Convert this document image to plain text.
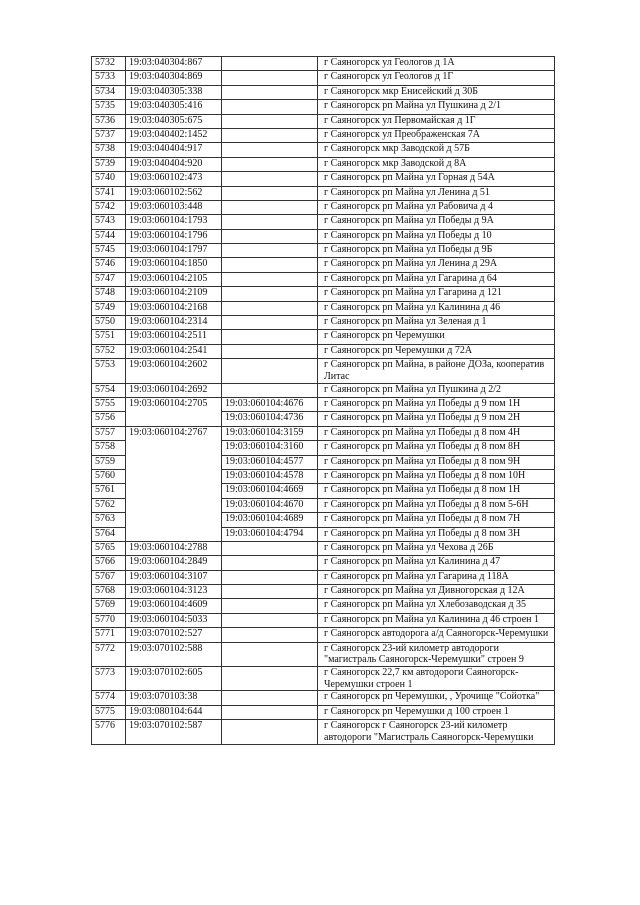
5732	19:03:040304:867		г Саяногорск ул Геологов д 1А
5733	19:03:040304:869		г Саяногорск ул Геологов д 1Г
5734	19:03:040305:338		г Саяногорск мкр Енисейский д 30Б
5735	19:03:040305:416		г Саяногорск рп Майна ул Пушкина д 2/1
5736	19:03:040305:675		г Саяногорск ул Первомайская д 1Г
5737	19:03:040402:1452		г Саяногорск ул Преображенская 7А
5738	19:03:040404:917		г Саяногорск мкр Заводской д 57Б
5739	19:03:040404:920		г Саяногорск мкр Заводской д 8А
5740	19:03:060102:473		г Саяногорск рп Майна ул Горная д 54А
5741	19:03:060102:562		г Саяногорск рп Майна ул Ленина д 51
5742	19:03:060103:448		г Саяногорск рп Майна ул Рабовича д 4
5743	19:03:060104:1793		г Саяногорск рп Майна ул Победы д 9А
5744	19:03:060104:1796		г Саяногорск рп Майна ул Победы д 10
5745	19:03:060104:1797		г Саяногорск рп Майна ул Победы д 9Б
5746	19:03:060104:1850		г Саяногорск рп Майна ул Ленина д 29А
5747	19:03:060104:2105		г Саяногорск рп Майна ул Гагарина д 64
5748	19:03:060104:2109		г Саяногорск рп Майна ул Гагарина д 121
5749	19:03:060104:2168		г Саяногорск рп Майна ул Калинина д 46
5750	19:03:060104:2314		г Саяногорск рп Майна ул Зеленая д 1
5751	19:03:060104:2511		г Саяногорск рп Черемушки
5752	19:03:060104:2541		г Саяногорск рп Черемушки д 72А
5753	19:03:060104:2602		г Саяногорск рп Майна, в районе ДОЗа, кооператив Литас
5754	19:03:060104:2692		г Саяногорск рп Майна ул Пушкина д 2/2
5755	19:03:060104:2705	19:03:060104:4676	г Саяногорск рп Майна ул Победы д 9 пом 1Н
5756		19:03:060104:4736	г Саяногорск рп Майна ул Победы д 9 пом 2Н
5757	19:03:060104:2767	19:03:060104:3159	г Саяногорск рп Майна ул Победы д 8 пом 4Н
5758		19:03:060104:3160	г Саяногорск рп Майна ул Победы д 8 пом 8Н
5759		19:03:060104:4577	г Саяногорск рп Майна ул Победы д 8 пом 9Н
5760		19:03:060104:4578	г Саяногорск рп Майна ул Победы д 8 пом 10Н
5761		19:03:060104:4669	г Саяногорск рп Майна ул Победы д 8 пом 1Н
5762		19:03:060104:4670	г Саяногорск рп Майна ул Победы д 8 пом 5-6Н
5763		19:03:060104:4689	г Саяногорск рп Майна ул Победы д 8 пом 7Н
5764		19:03:060104:4794	г Саяногорск рп Майна ул Победы д 8 пом 3Н
5765	19:03:060104:2788		г Саяногорск рп Майна ул Чехова д 26Б
5766	19:03:060104:2849		г Саяногорск рп Майна ул Калинина д 47
5767	19:03:060104:3107		г Саяногорск рп Майна ул Гагарина д 118А
5768	19:03:060104:3123		г Саяногорск рп Майна ул Дивногорская д 12А
5769	19:03:060104:4609		г Саяногорск рп Майна ул Хлебозаводская д 35
5770	19:03:060104:5033		г Саяногорск рп Майна ул Калинина д 46 строен 1
5771	19:03:070102:527		г Саяногорск автодорога а/д Саяногорск-Черемушки
5772	19:03:070102:588		г Саяногорск 23-ий километр автодороги "магистраль Саяногорск-Черемушки" строен 9
5773	19:03:070102:605		г Саяногорск 22,7 км автодороги Саяногорск-Черемушки строен 1
5774	19:03:070103:38		г Саяногорск рп Черемушки, , Урочище "Сойотка"
5775	19:03:080104:644		г Саяногорск рп Черемушки д 100 строен 1
5776	19:03:070102:587		г Саяногорск г Саяногорск 23-ий километр автодороги "Магистраль Саяногорск-Черемушки
